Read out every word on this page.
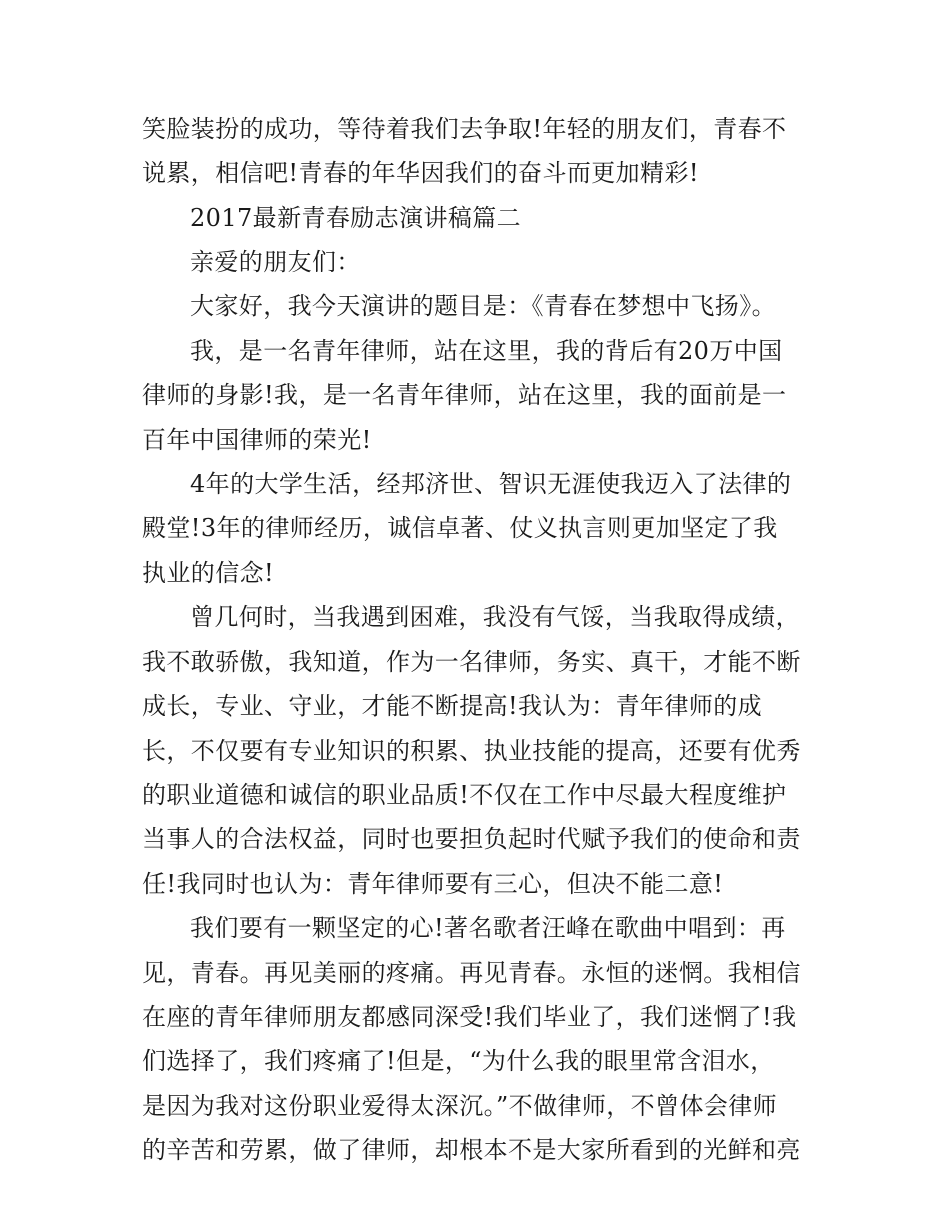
笑脸装扮的成功，等待着我们去争取!年轻的朋友们，青春不
说累，相信吧!青春的年华因我们的奋斗而更加精彩!
2017最新青春励志演讲稿篇二
亲爱的朋友们：
大家好，我今天演讲的题目是：《青春在梦想中飞扬》。
我，是一名青年律师，站在这里，我的背后有20万中国
律师的身影!我，是一名青年律师，站在这里，我的面前是一
百年中国律师的荣光!
4年的大学生活，经邦济世、智识无涯使我迈入了法律的
殿堂!3年的律师经历，诚信卓著、仗义执言则更加坚定了我
执业的信念!
曾几何时，当我遇到困难，我没有气馁，当我取得成绩，
我不敢骄傲，我知道，作为一名律师，务实、真干，才能不断
成长，专业、守业，才能不断提高!我认为：青年律师的成
长，不仅要有专业知识的积累、执业技能的提高，还要有优秀
的职业道德和诚信的职业品质!不仅在工作中尽最大程度维护
当事人的合法权益，同时也要担负起时代赋予我们的使命和责
任!我同时也认为：青年律师要有三心，但决不能二意!
我们要有一颗坚定的心!著名歌者汪峰在歌曲中唱到：再
见，青春。再见美丽的疼痛。再见青春。永恒的迷惘。我相信
在座的青年律师朋友都感同深受!我们毕业了，我们迷惘了!我
们选择了，我们疼痛了!但是，“为什么我的眼里常含泪水，
是因为我对这份职业爱得太深沉。”不做律师，不曾体会律师
的辛苦和劳累，做了律师，却根本不是大家所看到的光鲜和亮
